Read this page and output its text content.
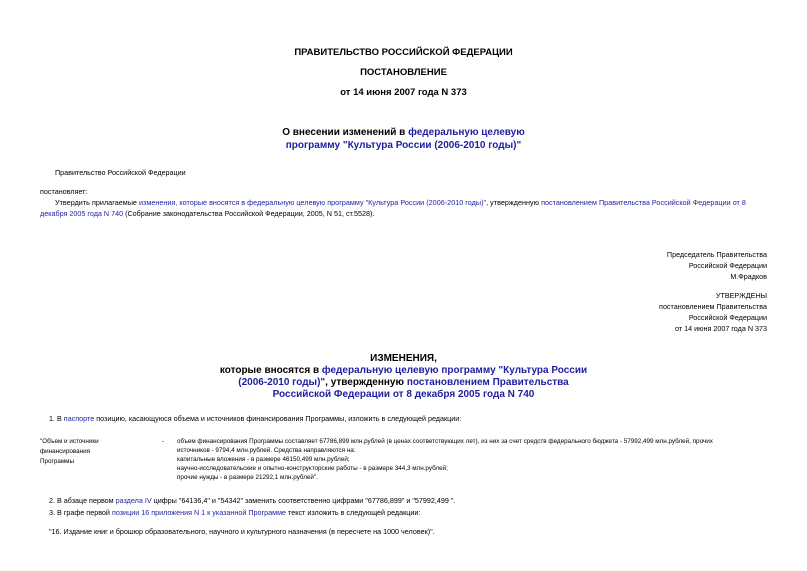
ПРАВИТЕЛЬСТВО РОССИЙСКОЙ ФЕДЕРАЦИИ
ПОСТАНОВЛЕНИЕ
от 14 июня 2007 года N 373
О внесении изменений в федеральную целевую
программу "Культура России (2006-2010 годы)"
Правительство Российской Федерации
постановляет:
Утвердить прилагаемые изменения, которые вносятся в федеральную целевую программу "Культура России (2006-2010 годы)", утвержденную постановлением Правительства Российской Федерации от 8
декабря 2005 года N 740 (Собрание законодательства Российской Федерации, 2005, N 51, ст.5528).
Председатель Правительства
Российской Федерации
М.Фрадков
УТВЕРЖДЕНЫ
постановлением Правительства
Российской Федерации
от 14 июня 2007 года N 373
ИЗМЕНЕНИЯ,
которые вносятся в федеральную целевую программу "Культура России
(2006-2010 годы)", утвержденную постановлением Правительства
Российской Федерации от 8 декабря 2005 года N 740
1. В паспорте позицию, касающуюся объема и источников финансирования Программы, изложить в следующей редакции:
"Объем и источники
финансирования
Программы
- объем финансирования Программы составляет 67786,899 млн.рублей (в ценах соответствующих лет), из них за счет средств федерального бюджета - 57992,499 млн.рублей, прочих
источников - 9794,4 млн.рублей. Средства направляются на:
капитальные вложения - в размере 46150,499 млн.рублей;
научно-исследовательские и опытно-конструкторские работы - в размере 344,3 млн.рублей;
прочие нужды - в размере 21292,1 млн.рублей".
2. В абзаце первом раздела IV цифры "64136,4" и "54342" заменить соответственно цифрами "67786,899" и "57992,499 ".
3. В графе первой позиции 16 приложения N 1 к указанной Программе текст изложить в следующей редакции:
"16. Издание книг и брошюр образовательного, научного и культурного назначения (в пересчете на 1000 человек)".
